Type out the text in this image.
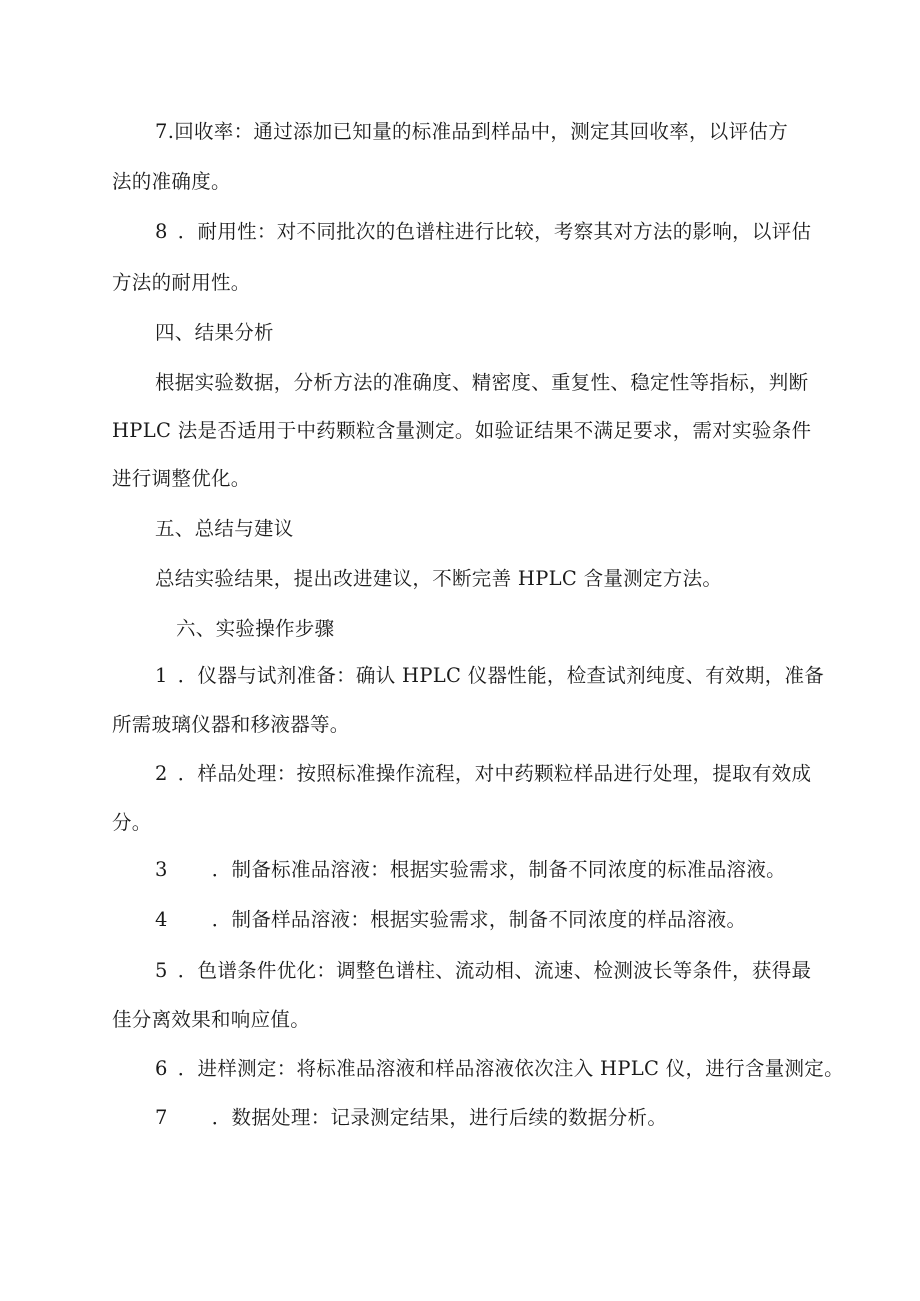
7.回收率：通过添加已知量的标准品到样品中，测定其回收率，以评估方
法的准确度。
8 ．耐用性：对不同批次的色谱柱进行比较，考察其对方法的影响，以评估
方法的耐用性。
四、结果分析
根据实验数据，分析方法的准确度、精密度、重复性、稳定性等指标，判断
HPLC 法是否适用于中药颗粒含量测定。如验证结果不满足要求，需对实验条件
进行调整优化。
五、总结与建议
总结实验结果，提出改进建议，不断完善 HPLC 含量测定方法。
六、实验操作步骤
1 ．仪器与试剂准备：确认 HPLC 仪器性能，检查试剂纯度、有效期，准备
所需玻璃仪器和移液器等。
2 ．样品处理：按照标准操作流程，对中药颗粒样品进行处理，提取有效成
分。
3 ．制备标准品溶液：根据实验需求，制备不同浓度的标准品溶液。
4 ．制备样品溶液：根据实验需求，制备不同浓度的样品溶液。
5 ．色谱条件优化：调整色谱柱、流动相、流速、检测波长等条件，获得最
佳分离效果和响应值。
6 ．进样测定：将标准品溶液和样品溶液依次注入 HPLC 仪，进行含量测定。
7 ．数据处理：记录测定结果，进行后续的数据分析。
